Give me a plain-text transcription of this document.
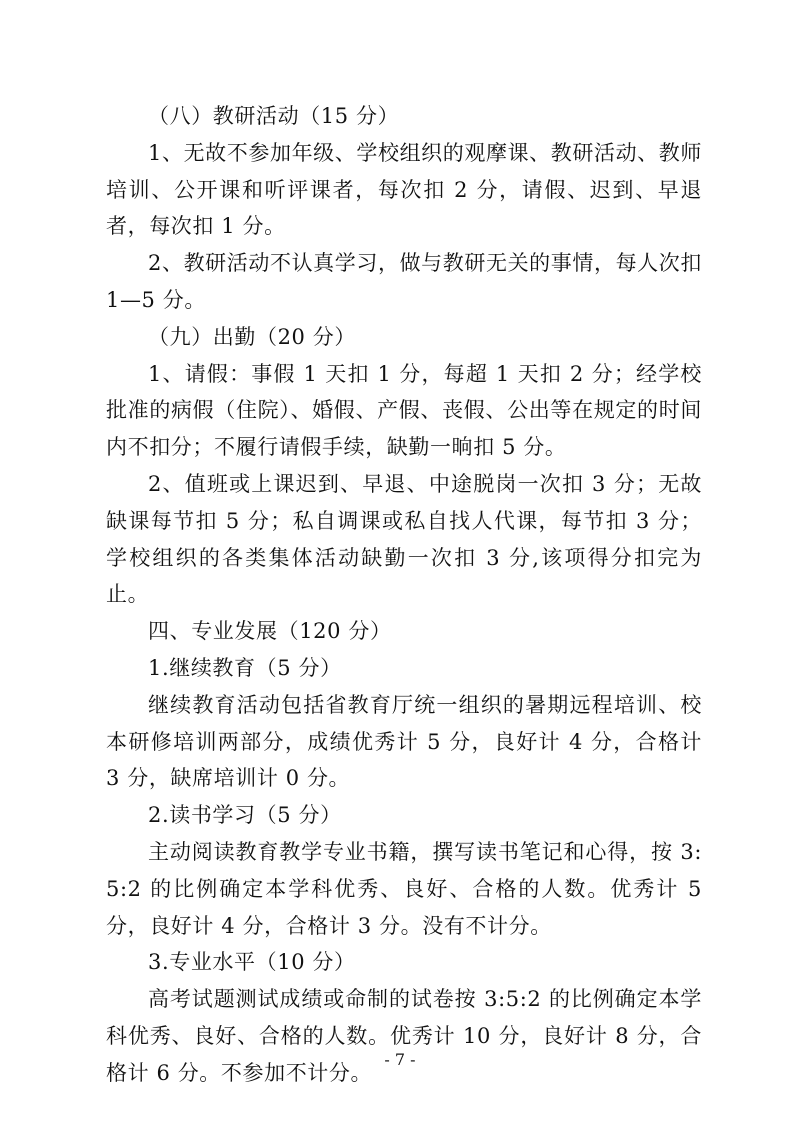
（八）教研活动（15 分）

1、无故不参加年级、学校组织的观摩课、教研活动、教师培训、公开课和听评课者，每次扣 2 分，请假、迟到、早退者，每次扣 1 分。

2、教研活动不认真学习，做与教研无关的事情，每人次扣 1—5 分。

（九）出勤（20 分）

1、请假：事假 1 天扣 1 分，每超 1 天扣 2 分；经学校批准的病假（住院）、婚假、产假、丧假、公出等在规定的时间内不扣分；不履行请假手续，缺勤一晌扣 5 分。

2、值班或上课迟到、早退、中途脱岗一次扣 3 分；无故缺课每节扣 5 分；私自调课或私自找人代课，每节扣 3 分；学校组织的各类集体活动缺勤一次扣 3 分,该项得分扣完为止。

四、专业发展（120 分）

1.继续教育（5 分）

继续教育活动包括省教育厅统一组织的暑期远程培训、校本研修培训两部分，成绩优秀计 5 分，良好计 4 分，合格计 3 分，缺席培训计 0 分。

2.读书学习（5 分）

主动阅读教育教学专业书籍，撰写读书笔记和心得，按 3:5:2 的比例确定本学科优秀、良好、合格的人数。优秀计 5 分，良好计 4 分，合格计 3 分。没有不计分。

3.专业水平（10 分）

高考试题测试成绩或命制的试卷按 3:5:2 的比例确定本学科优秀、良好、合格的人数。优秀计 10 分，良好计 8 分，合格计 6 分。不参加不计分。

- 7 -
